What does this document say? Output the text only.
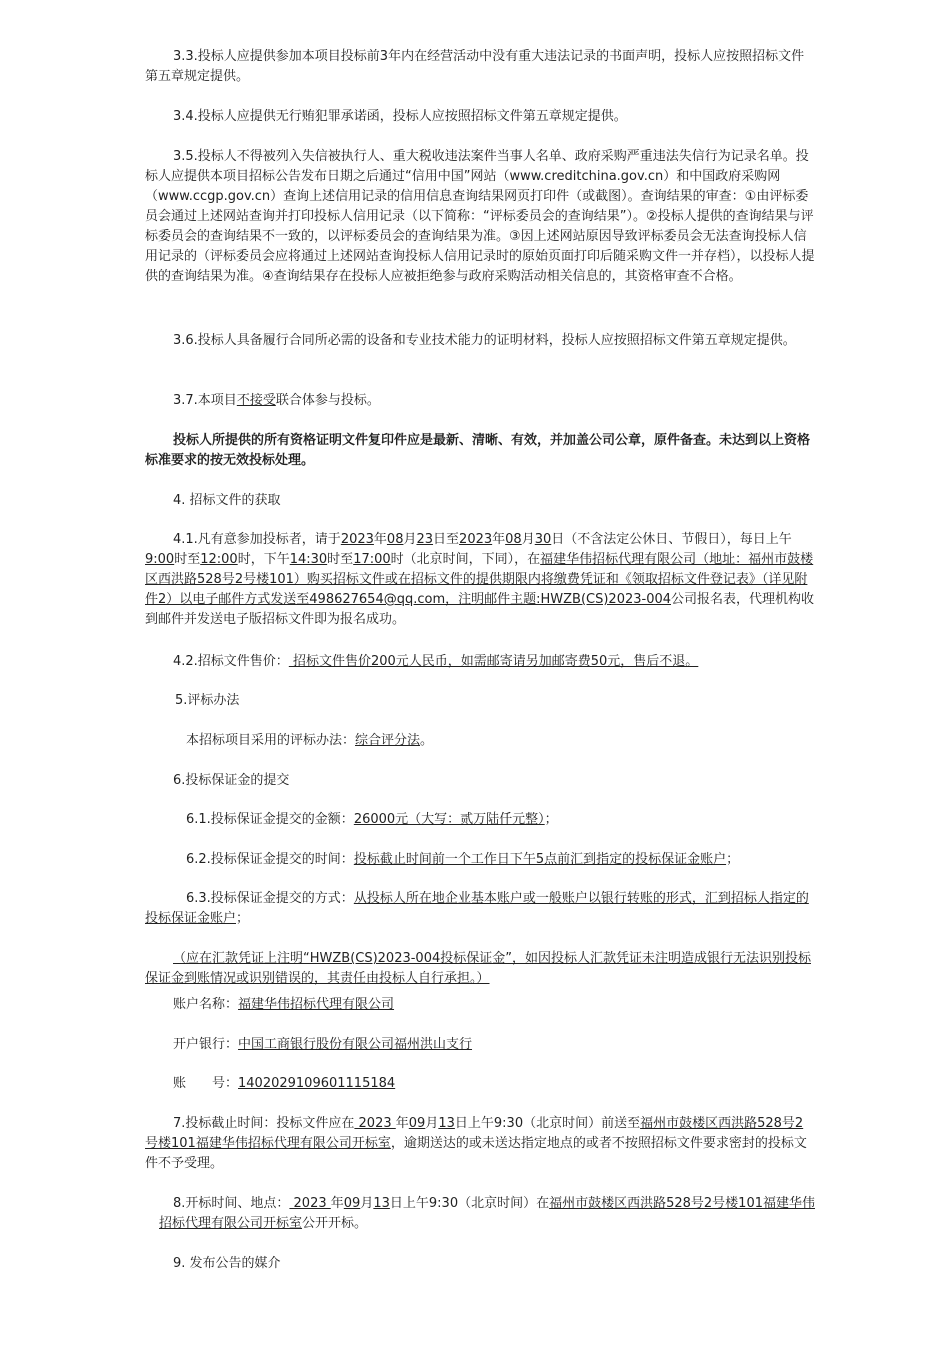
3.3.投标人应提供参加本项目投标前3年内在经营活动中没有重大违法记录的书面声明，投标人应按照招标文件第五章规定提供。

3.4.投标人应提供无行贿犯罪承诺函，投标人应按照招标文件第五章规定提供。

3.5.投标人不得被列入失信被执行人、重大税收违法案件当事人名单、政府采购严重违法失信行为记录名单。投标人应提供本项目招标公告发布日期之后通过“信用中国”网站（www.creditchina.gov.cn）和中国政府采购网（www.ccgp.gov.cn）查询上述信用记录的信用信息查询结果网页打印件（或截图）。查询结果的审查：①由评标委员会通过上述网站查询并打印投标人信用记录（以下简称：“评标委员会的查询结果”）。②投标人提供的查询结果与评标委员会的查询结果不一致的，以评标委员会的查询结果为准。③因上述网站原因导致评标委员会无法查询投标人信用记录的（评标委员会应将通过上述网站查询投标人信用记录时的原始页面打印后随采购文件一并存档），以投标人提供的查询结果为准。④查询结果存在投标人应被拒绝参与政府采购活动相关信息的，其资格审查不合格。

3.6.投标人具备履行合同所必需的设备和专业技术能力的证明材料，投标人应按照招标文件第五章规定提供。

3.7.本项目不接受联合体参与投标。

投标人所提供的所有资格证明文件复印件应是最新、清晰、有效，并加盖公司公章，原件备查。未达到以上资格标准要求的按无效投标处理。

4. 招标文件的获取

4.1.凡有意参加投标者，请于2023年08月23日至2023年08月30日（不含法定公休日、节假日），每日上午9:00时至12:00时，下午14:30时至17:00时（北京时间，下同），在福建华伟招标代理有限公司（地址：福州市鼓楼区西洪路528号2号楼101）购买招标文件或在招标文件的提供期限内将缴费凭证和《领取招标文件登记表》（详见附件2）以电子邮件方式发送至498627654@qq.com，注明邮件主题:HWZB(CS)2023-004公司报名表，代理机构收到邮件并发送电子版招标文件即为报名成功。

4.2.招标文件售价： 招标文件售价200元人民币，如需邮寄请另加邮寄费50元，售后不退。

5.评标办法

本招标项目采用的评标办法：综合评分法。

6.投标保证金的提交

6.1.投标保证金提交的金额：26000元（大写：贰万陆仟元整）；

6.2.投标保证金提交的时间：投标截止时间前一个工作日下午5点前汇到指定的投标保证金账户；

6.3.投标保证金提交的方式：从投标人所在地企业基本账户或一般账户以银行转账的形式，汇到招标人指定的投标保证金账户；

（应在汇款凭证上注明“HWZB(CS)2023-004投标保证金”，如因投标人汇款凭证未注明造成银行无法识别投标保证金到账情况或识别错误的，其责任由投标人自行承担。）

账户名称：福建华伟招标代理有限公司

开户银行：中国工商银行股份有限公司福州洪山支行

账　　号：1402029109601115184

7.投标截止时间：投标文件应在 2023 年09月13日上午9:30（北京时间）前送至福州市鼓楼区西洪路528号2号楼101福建华伟招标代理有限公司开标室，逾期送达的或未送达指定地点的或者不按照招标文件要求密封的投标文件不予受理。

8.开标时间、地点： 2023 年09月13日上午9:30（北京时间）在福州市鼓楼区西洪路528号2号楼101福建华伟招标代理有限公司开标室公开开标。

9. 发布公告的媒介
